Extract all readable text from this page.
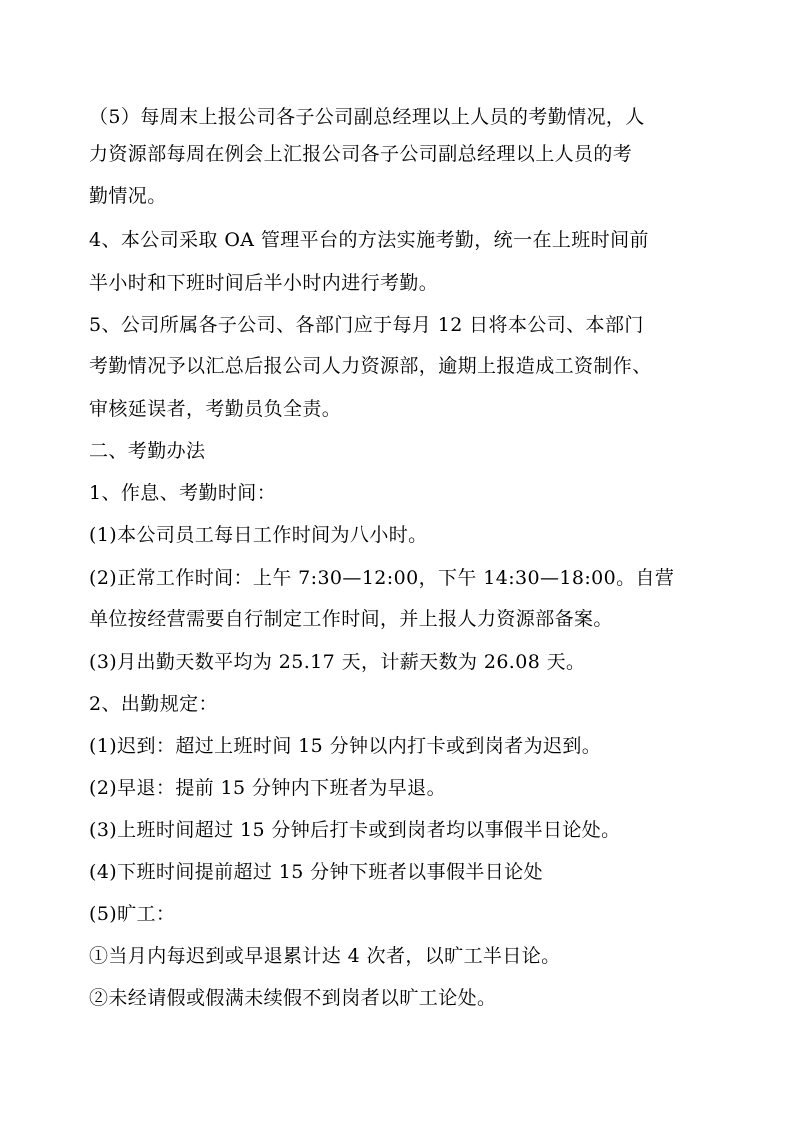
（5）每周末上报公司各子公司副总经理以上人员的考勤情况，人
力资源部每周在例会上汇报公司各子公司副总经理以上人员的考
勤情况。
4、本公司采取 OA 管理平台的方法实施考勤，统一在上班时间前
半小时和下班时间后半小时内进行考勤。
5、公司所属各子公司、各部门应于每月 12 日将本公司、本部门
考勤情况予以汇总后报公司人力资源部，逾期上报造成工资制作、
审核延误者，考勤员负全责。
二、考勤办法
1、作息、考勤时间：
(1)本公司员工每日工作时间为八小时。
(2)正常工作时间：上午 7:30—12:00，下午 14:30—18:00。自营
单位按经营需要自行制定工作时间，并上报人力资源部备案。
(3)月出勤天数平均为 25.17 天，计薪天数为 26.08 天。
2、出勤规定：
(1)迟到：超过上班时间 15 分钟以内打卡或到岗者为迟到。
(2)早退：提前 15 分钟内下班者为早退。
(3)上班时间超过 15 分钟后打卡或到岗者均以事假半日论处。
(4)下班时间提前超过 15 分钟下班者以事假半日论处
(5)旷工：
①当月内每迟到或早退累计达 4 次者，以旷工半日论。
②未经请假或假满未续假不到岗者以旷工论处。
